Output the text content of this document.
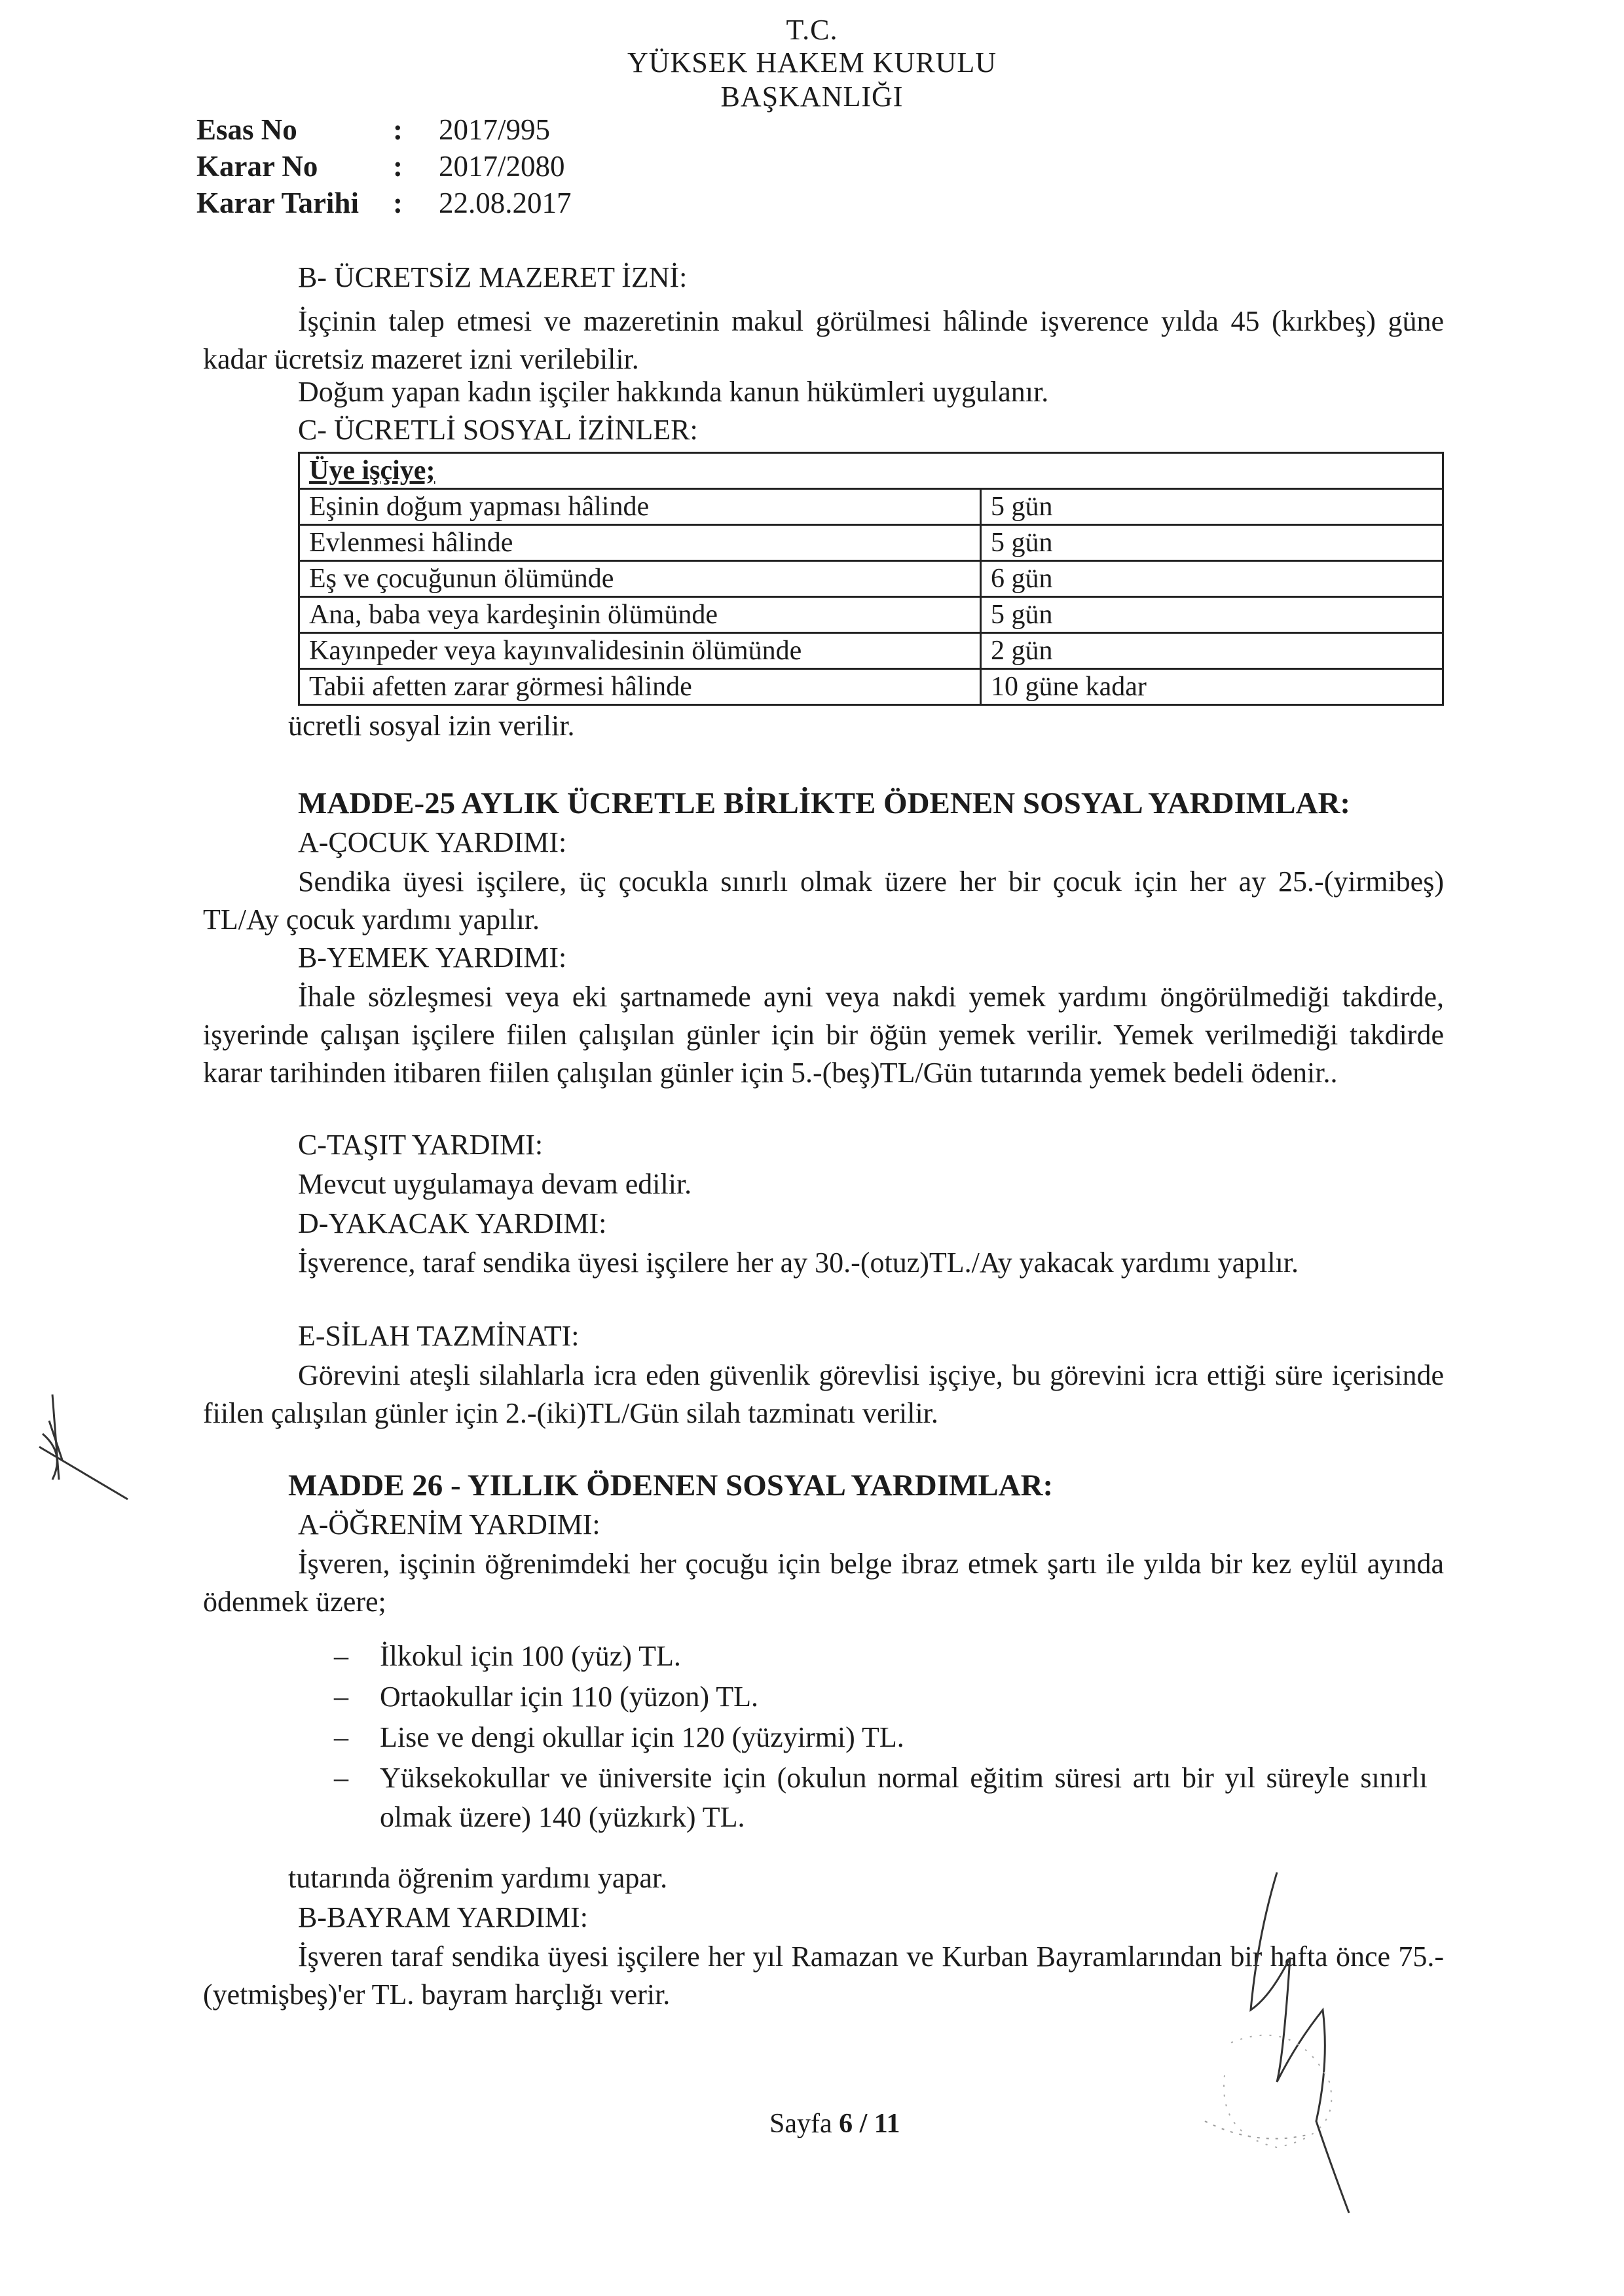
T.C.
YÜKSEK HAKEM KURULU
BAŞKANLIĞI
Esas No	: 2017/995
Karar No	: 2017/2080
Karar Tarihi : 22.08.2017
B- ÜCRETSİZ MAZERET İZNİ:
İşçinin talep etmesi ve mazeretinin makul görülmesi hâlinde işverence yılda 45 (kırkbeş) güne kadar ücretsiz mazeret izni verilebilir.
Doğum yapan kadın işçiler hakkında kanun hükümleri uygulanır.
C- ÜCRETLİ SOSYAL İZİNLER:
Üye işçiye;	
Eşinin doğum yapması hâlinde	5 gün
Evlenmesi hâlinde	5 gün
Eş ve çocuğunun ölümünde	6 gün
Ana, baba veya kardeşinin ölümünde	5 gün
Kayınpeder veya kayınvalidesinin ölümünde	2 gün
Tabii afetten zarar görmesi hâlinde	10 güne kadar
ücretli sosyal izin verilir.
MADDE-25 AYLIK ÜCRETLE BİRLİKTE ÖDENEN SOSYAL YARDIMLAR:
A-ÇOCUK YARDIMI:
Sendika üyesi işçilere, üç çocukla sınırlı olmak üzere her bir çocuk için her ay 25.-(yirmibeş) TL/Ay çocuk yardımı yapılır.
B-YEMEK YARDIMI:
İhale sözleşmesi veya eki şartnamede ayni veya nakdi yemek yardımı öngörülmediği takdirde, işyerinde çalışan işçilere fiilen çalışılan günler için bir öğün yemek verilir. Yemek verilmediği takdirde karar tarihinden itibaren fiilen çalışılan günler için 5.-(beş)TL/Gün tutarında yemek bedeli ödenir..
C-TAŞIT YARDIMI:
Mevcut uygulamaya devam edilir.
D-YAKACAK YARDIMI:
İşverence, taraf sendika üyesi işçilere her ay 30.-(otuz)TL./Ay yakacak yardımı yapılır.
E-SİLAH TAZMİNATI:
Görevini ateşli silahlarla icra eden güvenlik görevlisi işçiye, bu görevini icra ettiği süre içerisinde fiilen çalışılan günler için 2.-(iki)TL/Gün silah tazminatı verilir.
MADDE 26 - YILLIK ÖDENEN SOSYAL YARDIMLAR:
A-ÖĞRENİM YARDIMI:
İşveren, işçinin öğrenimdeki her çocuğu için belge ibraz etmek şartı ile yılda bir kez eylül ayında ödenmek üzere;
– İlkokul için 100 (yüz) TL.
– Ortaokullar için 110 (yüzon) TL.
– Lise ve dengi okullar için 120 (yüzyirmi) TL.
– Yüksekokullar ve üniversite için (okulun normal eğitim süresi artı bir yıl süreyle sınırlı olmak üzere) 140 (yüzkırk) TL.
tutarında öğrenim yardımı yapar.
B-BAYRAM YARDIMI:
İşveren taraf sendika üyesi işçilere her yıl Ramazan ve Kurban Bayramlarından bir hafta önce 75.-(yetmişbeş)'er TL. bayram harçlığı verir.
Sayfa 6 / 11
